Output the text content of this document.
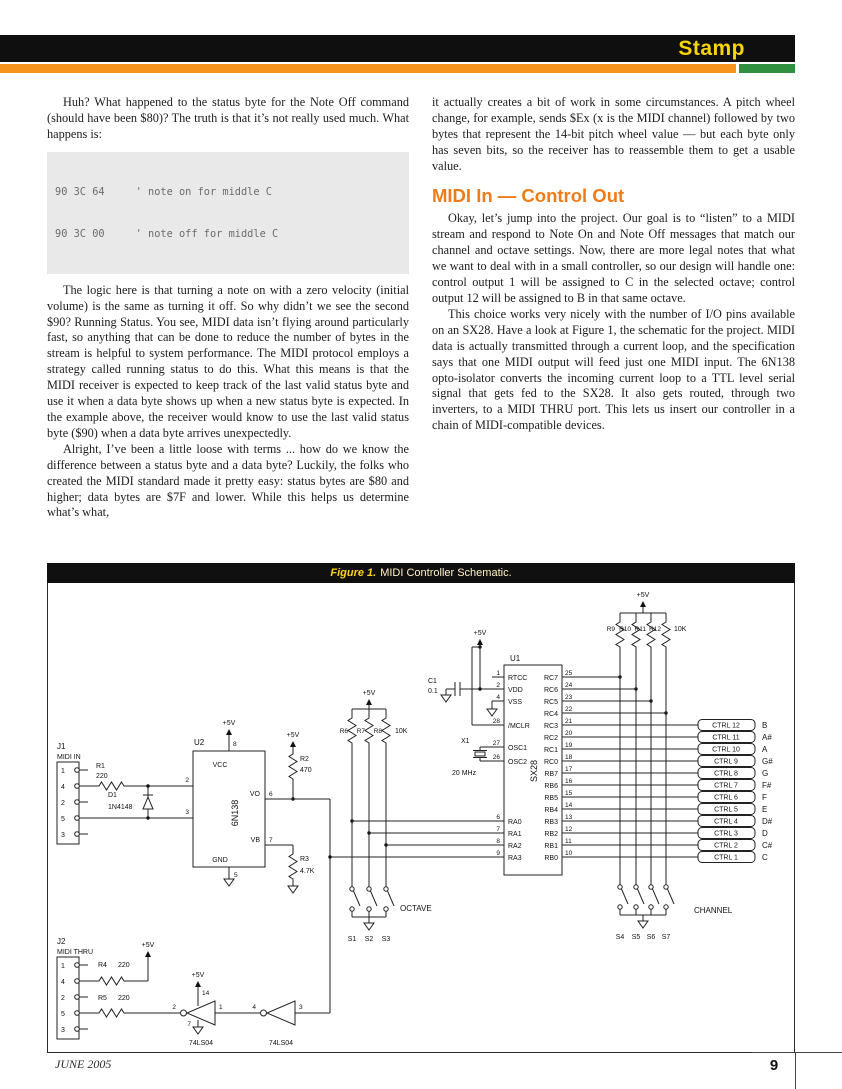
Stamp

Huh? What happened to the status byte for the Note Off command (should have been $80)? The truth is that it’s not really used much. What happens is:

90 3C 64     ' note on for middle C

90 3C 00     ' note off for middle C

The logic here is that turning a note on with a zero velocity (initial volume) is the same as turning it off. So why didn’t we see the second $90? Running Status. You see, MIDI data isn’t flying around particularly fast, so anything that can be done to reduce the number of bytes in the stream is helpful to system performance. The MIDI protocol employs a strategy called running status to do this. What this means is that the MIDI receiver is expected to keep track of the last valid status byte and use it when a data byte shows up when a new status byte is expected. In the example above, the receiver would know to use the last valid status byte ($90) when a data byte arrives unexpectedly.

Alright, I’ve been a little loose with terms ... how do we know the difference between a status byte and a data byte? Luckily, the folks who created the MIDI standard made it pretty easy: status bytes are $80 and higher; data bytes are $7F and lower. While this helps us determine what’s what,

it actually creates a bit of work in some circumstances. A pitch wheel change, for example, sends $Ex (x is the MIDI channel) followed by two bytes that represent the 14-bit pitch wheel value — but each byte only has seven bits, so the receiver has to reassemble them to get a usable value.

MIDI In — Control Out

Okay, let’s jump into the project. Our goal is to “listen” to a MIDI stream and respond to Note On and Note Off messages that match our channel and octave settings. Now, there are more legal notes that what we want to deal with in a small controller, so our design will handle one: control output 1 will be assigned to C in the selected octave; control output 12 will be assigned to B in that same octave.

This choice works very nicely with the number of I/O pins available on an SX28. Have a look at Figure 1, the schematic for the project. MIDI data is actually transmitted through a current loop, and the specification says that one MIDI output will feed just one MIDI input. The 6N138 opto-isolator converts the incoming current loop to a TTL level serial signal that gets fed to the SX28. It also gets routed, through two inverters, to a MIDI THRU port. This lets us insert our controller in a chain of MIDI-compatible devices.

Figure 1. MIDI Controller Schematic.
J1
MIDI IN
1
4
2
5
3
R1
220
D1
1N4148
U2
VCC
GND
6N138
+5V
8
5
2
3
VO 6
VB 7
+5V
R2
470
R3
4.7K
+5V
R6 R7 R8 10K
S1 S2 S3
OCTAVE
U1
SX28
1
RTCC
2
VDD
4
VSS
28
/MCLR
27
OSC1
26
OSC2
6
RA0
7
RA1
8
RA2
9
RA3
RC7
25
RC6
24
RC5
23
RC4
22
RC3
21
RC2
20
RC1
19
RC0
18
RB7
17
RB6
16
RB5
15
RB4
14
RB3
13
RB2
12
RB1
11
RB0
10
+5V
C1
0.1
X1
20 MHz
+5V
R9 R10 R11 R12 10K
S4 S5 S6 S7
CHANNEL
CTRL 12	B
CTRL 11	A#
CTRL 10	A
CTRL 9	G#
CTRL 8	G
CTRL 7	F#
CTRL 6	F
CTRL 5	E
CTRL 4	D#
CTRL 3	D
CTRL 2	C#
CTRL 1	C
J2
MIDI THRU
1
4
2
5
3
R4 220
+5V
R5 220
+5V
14
7
2	1
74LS04
4	3
74LS04
JUNE 2005	9
